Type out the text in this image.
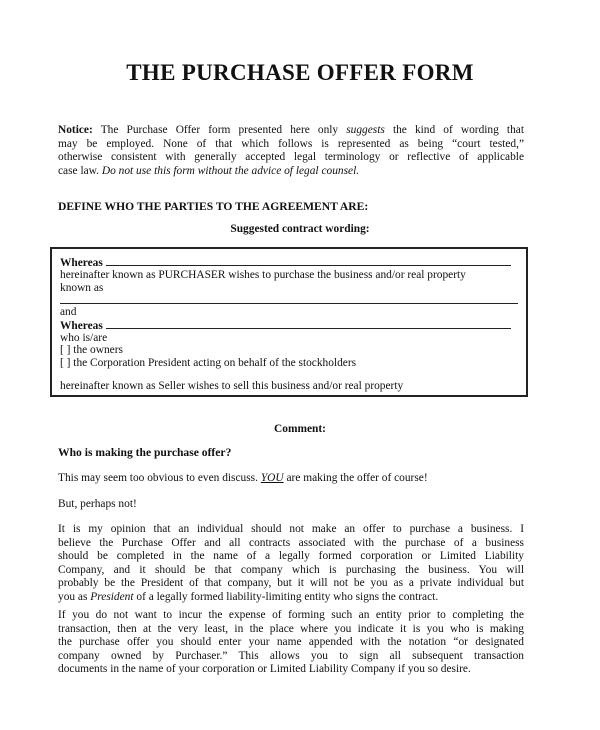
THE PURCHASE OFFER FORM
Notice: The Purchase Offer form presented here only suggests the kind of wording that
may be employed. None of that which follows is represented as being “court tested,”
otherwise consistent with generally accepted legal terminology or reflective of applicable
case law. Do not use this form without the advice of legal counsel.
DEFINE WHO THE PARTIES TO THE AGREEMENT ARE:
Suggested contract wording:
Whereas
hereinafter known as PURCHASER wishes to purchase the business and/or real property
known as
and
Whereas
who is/are
[ ] the owners
[ ] the Corporation President acting on behalf of the stockholders
hereinafter known as Seller wishes to sell this business and/or real property
Comment:
Who is making the purchase offer?
This may seem too obvious to even discuss. YOU are making the offer of course!
But, perhaps not!
It is my opinion that an individual should not make an offer to purchase a business. I
believe the Purchase Offer and all contracts associated with the purchase of a business
should be completed in the name of a legally formed corporation or Limited Liability
Company, and it should be that company which is purchasing the business. You will
probably be the President of that company, but it will not be you as a private individual but
you as President of a legally formed liability-limiting entity who signs the contract.
If you do not want to incur the expense of forming such an entity prior to completing the
transaction, then at the very least, in the place where you indicate it is you who is making
the purchase offer you should enter your name appended with the notation “or designated
company owned by Purchaser.” This allows you to sign all subsequent transaction
documents in the name of your corporation or Limited Liability Company if you so desire.
